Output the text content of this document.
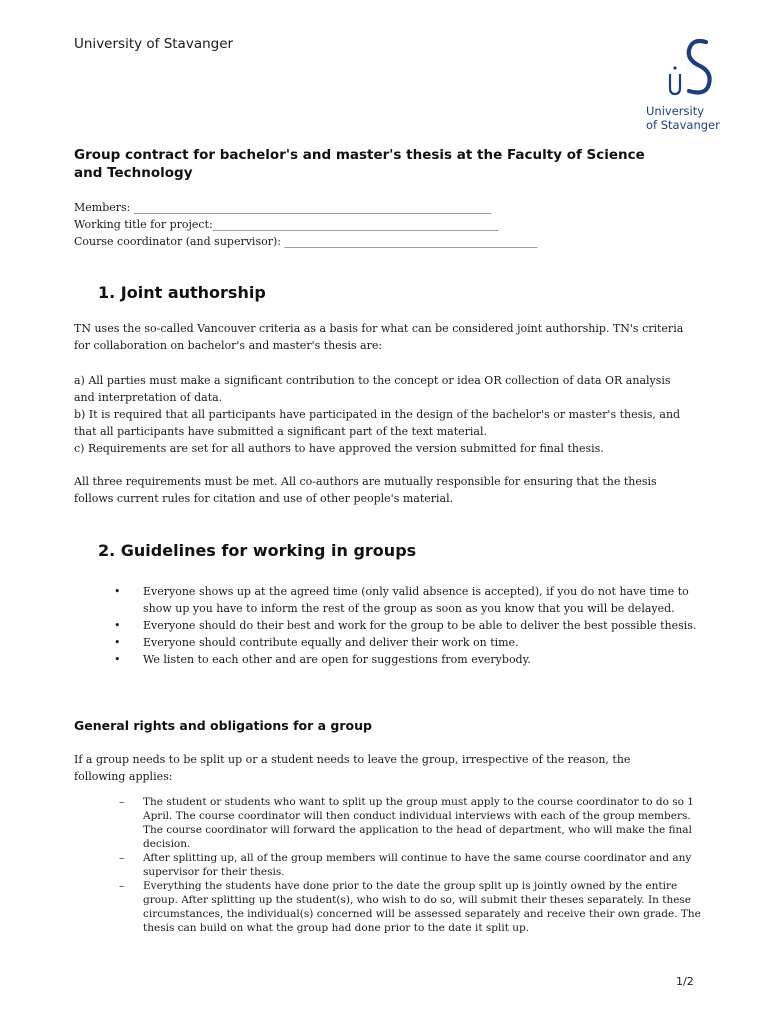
University of Stavanger
University
of Stavanger
Group contract for bachelor's and master's thesis at the Faculty of Science and Technology
Members: _________________________________________________________________
Working title for project:____________________________________________________
Course coordinator (and supervisor): ______________________________________________
1. Joint authorship
TN uses the so-called Vancouver criteria as a basis for what can be considered joint authorship. TN's criteria for collaboration on bachelor's and master's thesis are:
a) All parties must make a significant contribution to the concept or idea OR collection of data OR analysis and interpretation of data.
b) It is required that all participants have participated in the design of the bachelor's or master's thesis, and that all participants have submitted a significant part of the text material.
c) Requirements are set for all authors to have approved the version submitted for final thesis.
All three requirements must be met. All co-authors are mutually responsible for ensuring that the thesis follows current rules for citation and use of other people's material.
2. Guidelines for working in groups
• Everyone shows up at the agreed time (only valid absence is accepted), if you do not have time to show up you have to inform the rest of the group as soon as you know that you will be delayed.
• Everyone should do their best and work for the group to be able to deliver the best possible thesis.
• Everyone should contribute equally and deliver their work on time.
• We listen to each other and are open for suggestions from everybody.
General rights and obligations for a group
If a group needs to be split up or a student needs to leave the group, irrespective of the reason, the following applies:
– The student or students who want to split up the group must apply to the course coordinator to do so 1 April. The course coordinator will then conduct individual interviews with each of the group members. The course coordinator will forward the application to the head of department, who will make the final decision.
– After splitting up, all of the group members will continue to have the same course coordinator and any supervisor for their thesis.
– Everything the students have done prior to the date the group split up is jointly owned by the entire group. After splitting up the student(s), who wish to do so, will submit their theses separately. In these circumstances, the individual(s) concerned will be assessed separately and receive their own grade. The thesis can build on what the group had done prior to the date it split up.
1/2
